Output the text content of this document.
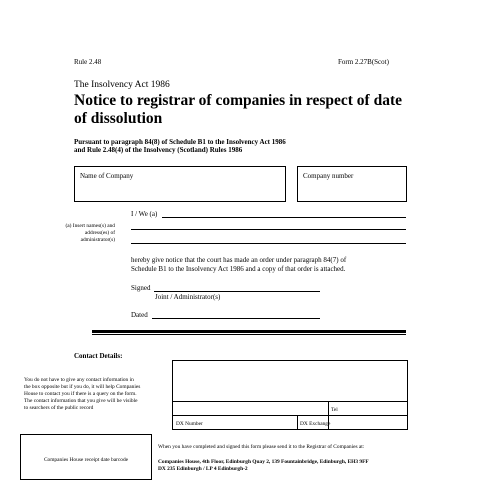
Rule 2.48	Form 2.27B(Scot)
The Insolvency Act 1986
Notice to registrar of companies in respect of date of dissolution
Pursuant to paragraph 84(8) of Schedule B1 to the Insolvency Act 1986
and Rule 2.48(4) of the Insolvency (Scotland) Rules 1986
Name of Company	Company number
I / We (a)
(a) Insert names(s) and
address(es) of
administrator(s)
hereby give notice that the court has made an order under paragraph 84(7) of
Schedule B1 to the Insolvency Act 1986 and a copy of that order is attached.
Signed
Joint / Administrator(s)
Dated
Contact Details:
You do not have to give any contact information in
the box opposite but if you do, it will help Companies
House to contact you if there is a query on the form.
The contact information that you give will be visible
to searchers of the public record	Tel
DX Number	DX Exchange
Companies House receipt date barcode
When you have completed and signed this form please send it to the Registrar of Companies at:
Companies House, 4th Floor, Edinburgh Quay 2, 139 Fountainbridge, Edinburgh, EH3 9FF
DX 235 Edinburgh / LP 4 Edinburgh-2
